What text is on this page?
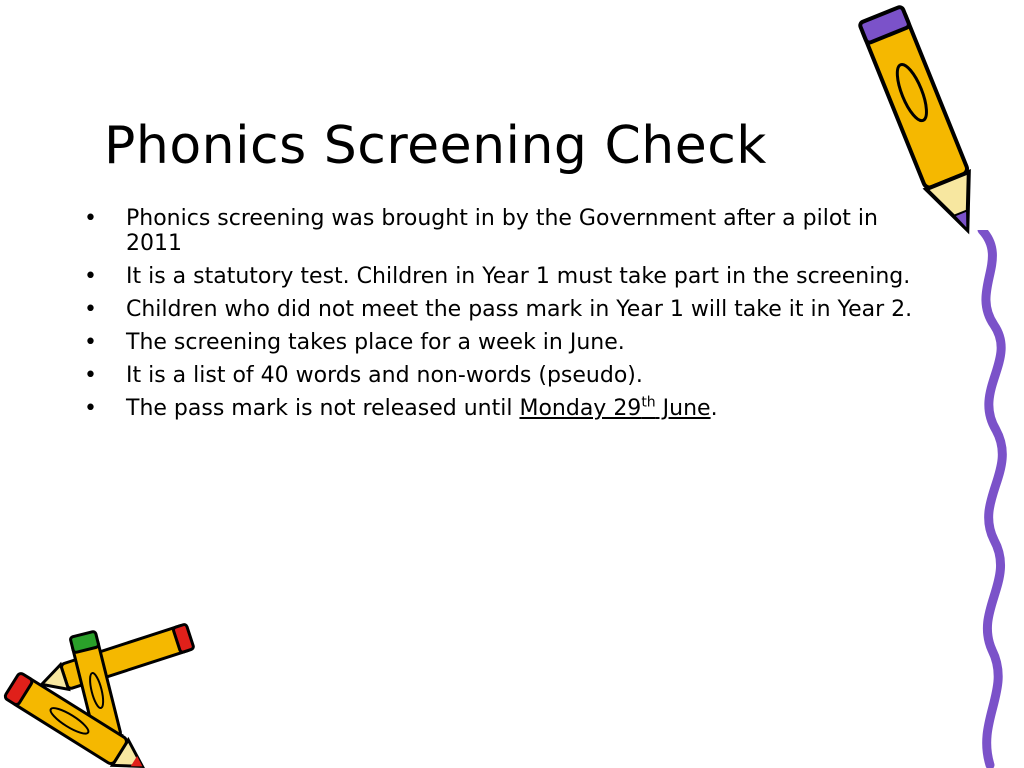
Phonics Screening Check
• Phonics screening was brought in by the Government after a pilot in 2011
• It is a statutory test. Children in Year 1 must take part in the screening.
• Children who did not meet the pass mark in Year 1 will take it in Year 2.
• The screening takes place for a week in June.
• It is a list of 40 words and non-words (pseudo).
• The pass mark is not released until Monday 29th June.
